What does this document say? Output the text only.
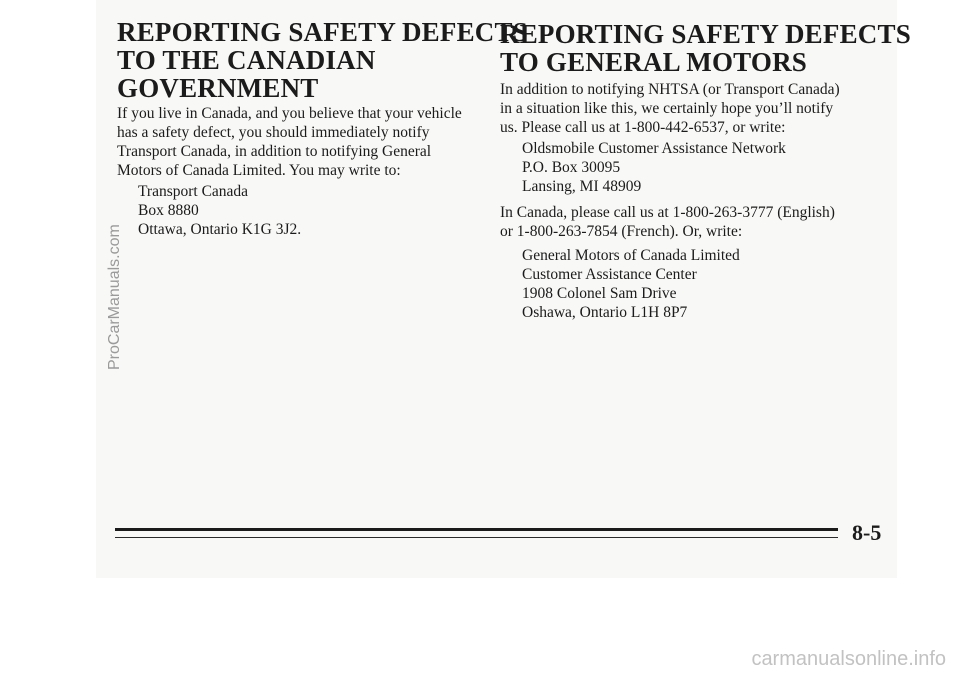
REPORTING SAFETY DEFECTS
TO THE CANADIAN
GOVERNMENT

If you live in Canada, and you believe that your vehicle
has a safety defect, you should immediately notify
Transport Canada, in addition to notifying General
Motors of Canada Limited. You may write to:

Transport Canada
Box 8880
Ottawa, Ontario K1G 3J2.

REPORTING SAFETY DEFECTS
TO GENERAL MOTORS

In addition to notifying NHTSA (or Transport Canada)
in a situation like this, we certainly hope you’ll notify
us. Please call us at 1-800-442-6537, or write:

Oldsmobile Customer Assistance Network
P.O. Box 30095
Lansing, MI 48909

In Canada, please call us at 1-800-263-3777 (English)
or 1-800-263-7854 (French). Or, write:

General Motors of Canada Limited
Customer Assistance Center
1908 Colonel Sam Drive
Oshawa, Ontario L1H 8P7

8-5
ProCarManuals.com
carmanualsonline.info
